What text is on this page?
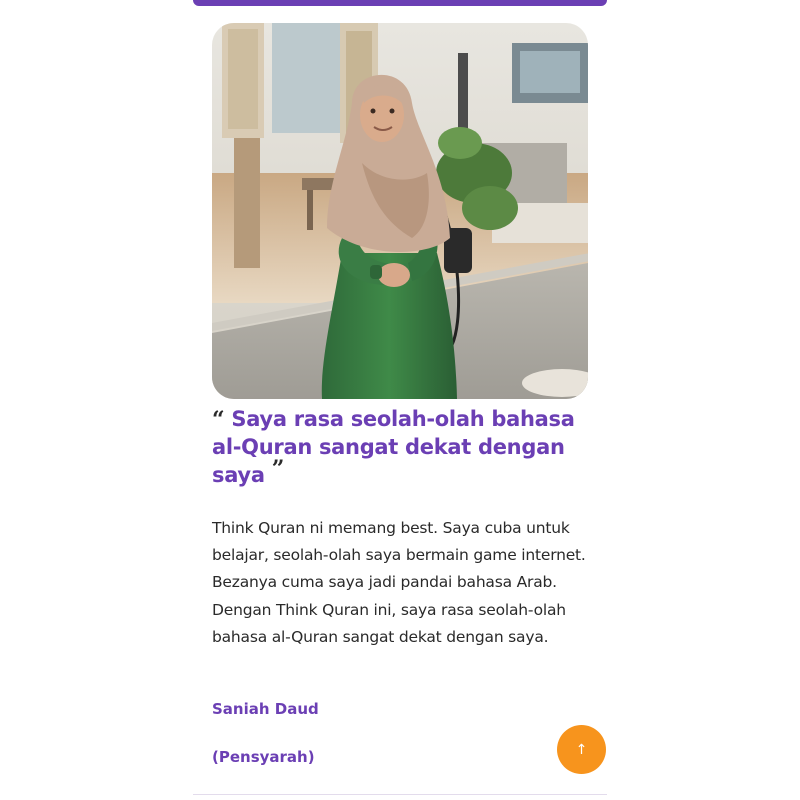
“ Saya rasa seolah-olah bahasa al-Quran sangat dekat dengan saya ”

Think Quran ni memang best. Saya cuba untuk belajar, seolah-olah saya bermain game internet. Bezanya cuma saya jadi pandai bahasa Arab. Dengan Think Quran ini, saya rasa seolah-olah bahasa al-Quran sangat dekat dengan saya.

Saniah Daud

(Pensyarah)	↑
